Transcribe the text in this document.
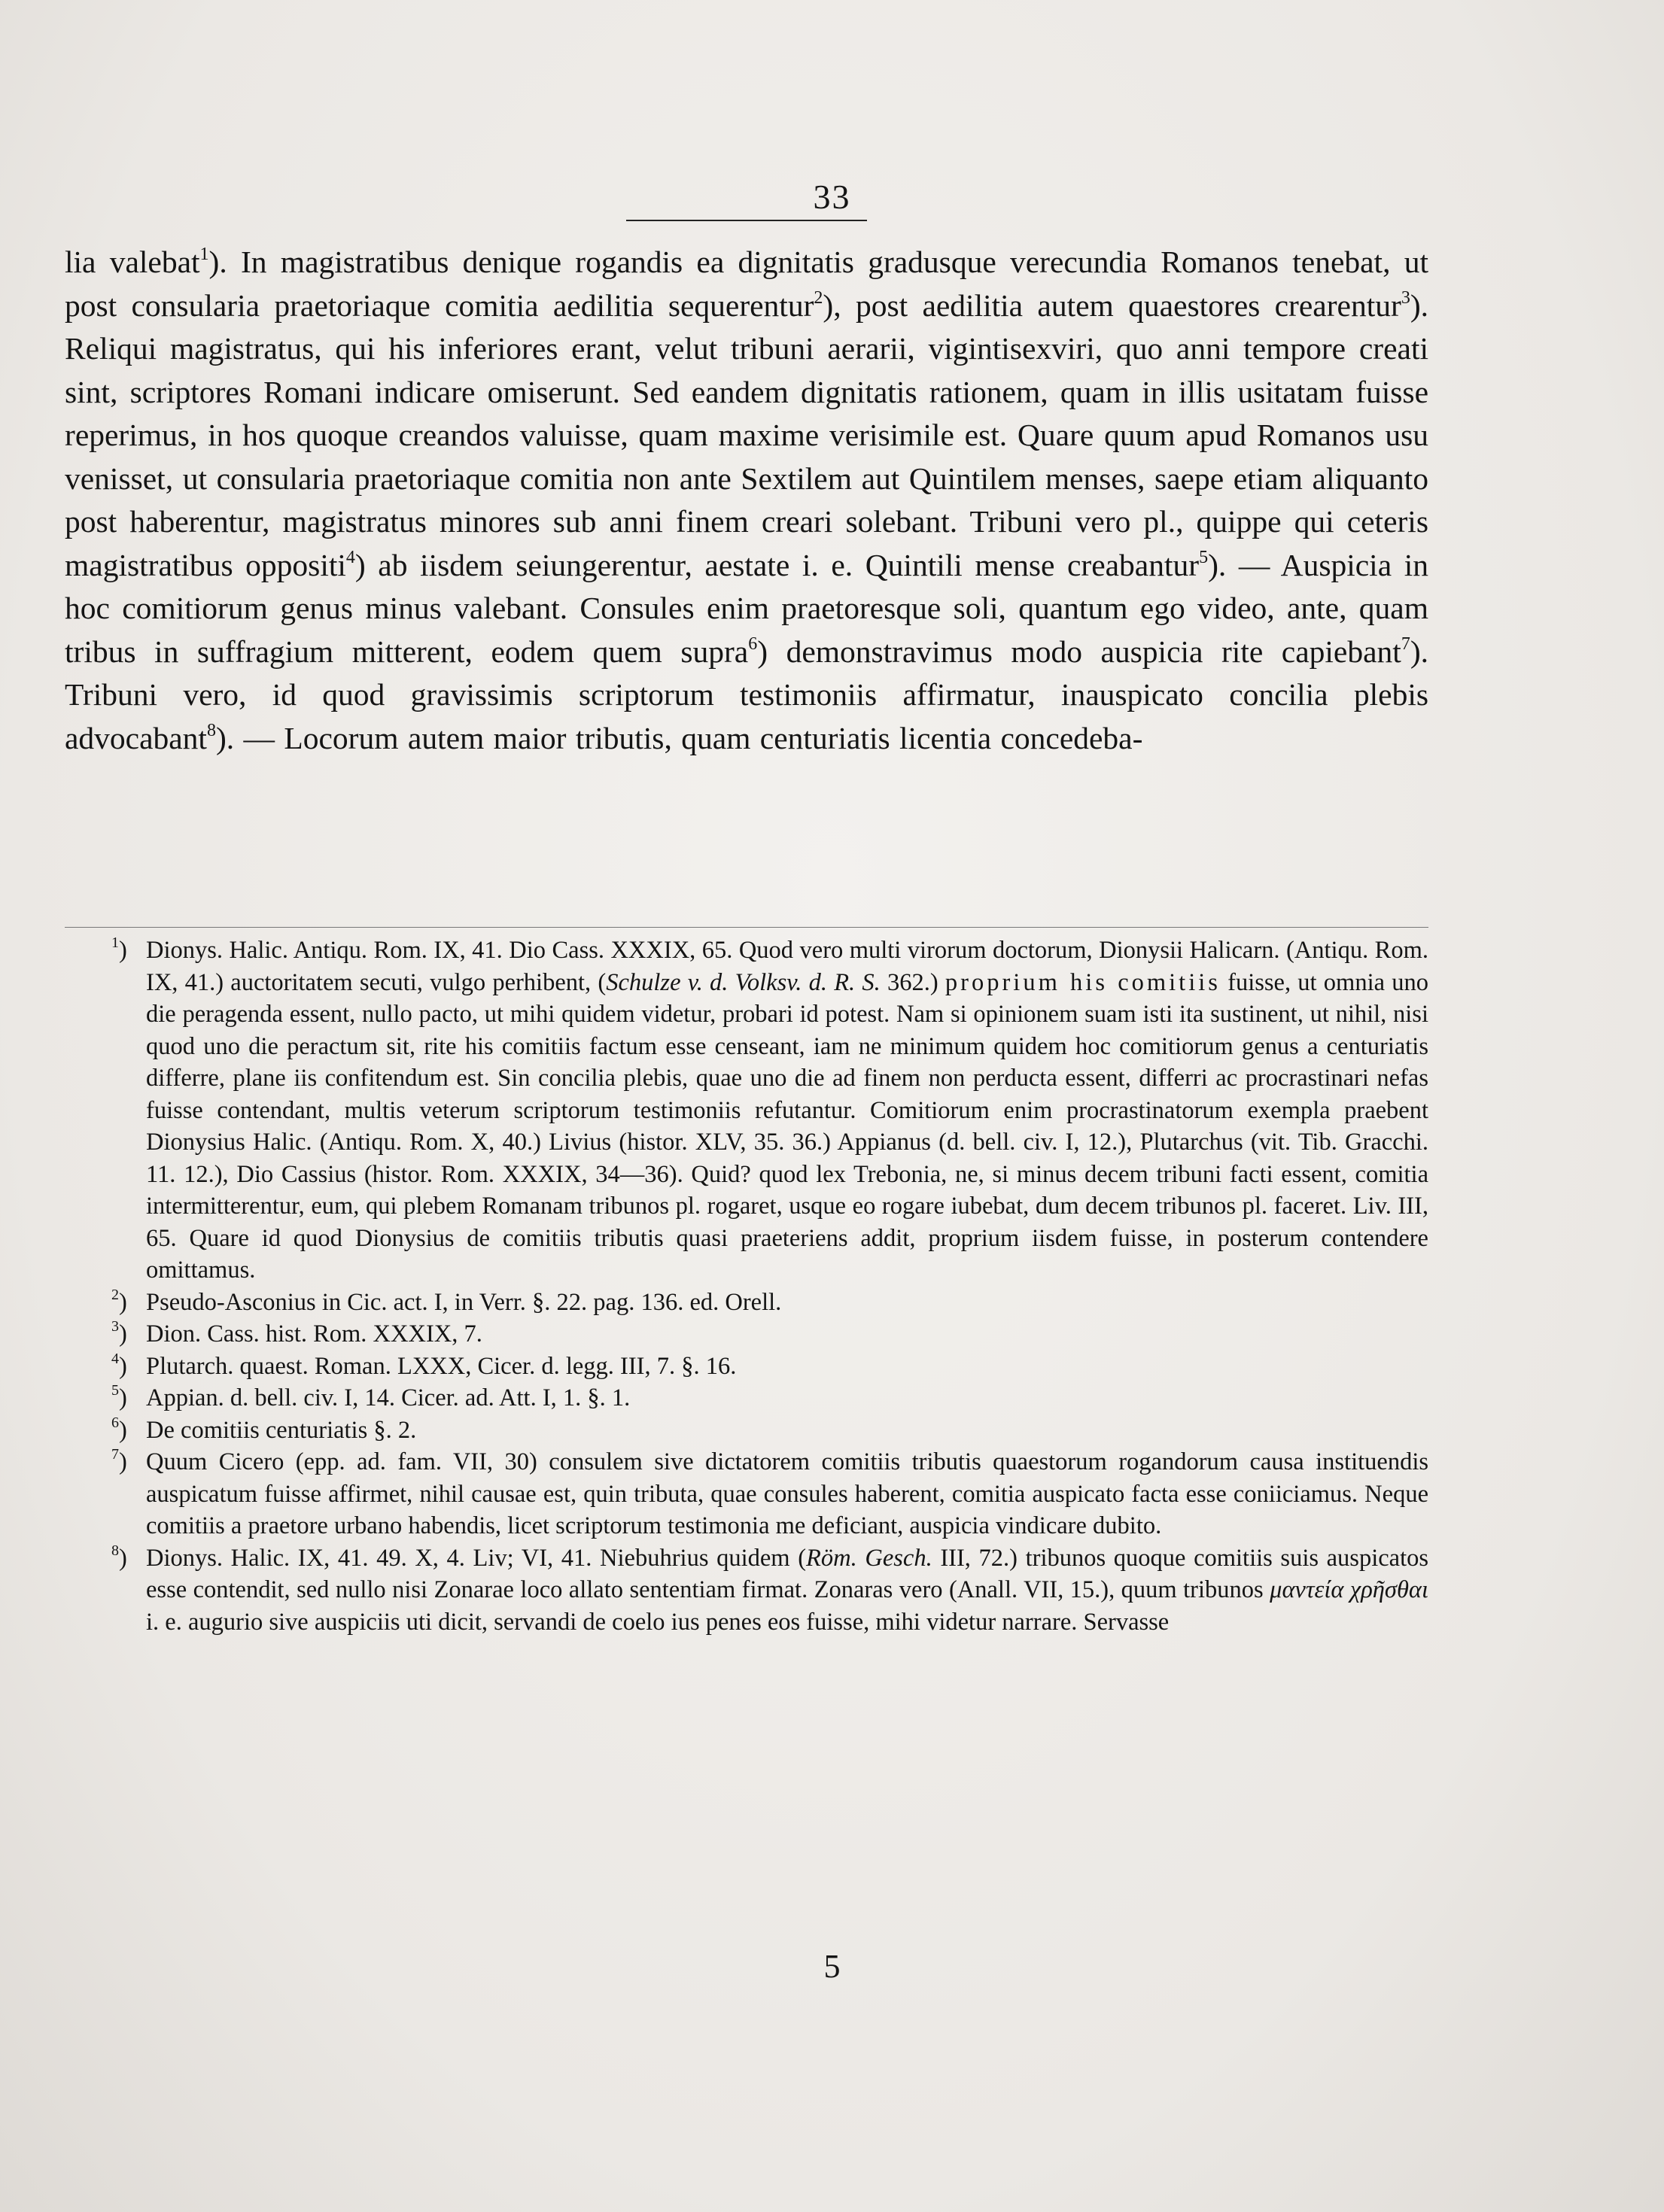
33

lia valebat$^1$). In magistratibus denique rogandis ea dignitatis gradusque verecundia Romanos tenebat, ut post consularia praetoriaque comitia aedilitia sequerentur$^2$), post aedilitia autem quaestores crearentur$^3$). Reliqui magistratus, qui his inferiores erant, velut tribuni aerarii, vigintisexviri, quo anni tempore creati sint, scriptores Romani indicare omiserunt. Sed eandem dignitatis rationem, quam in illis usitatam fuisse reperimus, in hos quoque creandos valuisse, quam maxime verisimile est. Quare quum apud Romanos usu venisset, ut consularia praetoriaque comitia non ante Sextilem aut Quintilem menses, saepe etiam aliquanto post haberentur, magistratus minores sub anni finem creari solebant. Tribuni vero pl., quippe qui ceteris magistratibus oppositi$^4$) ab iisdem seiungerentur, aestate i. e. Quintili mense creabantur$^5$). — Auspicia in hoc comitiorum genus minus valebant. Consules enim praetoresque soli, quantum ego video, ante, quam tribus in suffragium mitterent, eodem quem supra$^6$) demonstravimus modo auspicia rite capiebant$^7$). Tribuni vero, id quod gravissimis scriptorum testimoniis affirmatur, inauspicato concilia plebis advocabant$^8$). — Locorum autem maior tributis, quam centuriatis licentia concedeba-

$^1$) Dionys. Halic. Antiqu. Rom. IX, 41. Dio Cass. XXXIX, 65. Quod vero multi virorum doctorum, Dionysii Halicarn. (Antiqu. Rom. IX, 41.) auctoritatem secuti, vulgo perhibent, (Schulze v. d. Volksv. d. R. S. 362.) proprium his comitiis fuisse, ut omnia uno die peragenda essent, nullo pacto, ut mihi quidem videtur, probari id potest. Nam si opinionem suam isti ita sustinent, ut nihil, nisi quod uno die peractum sit, rite his comitiis factum esse censeant, iam ne minimum quidem hoc comitiorum genus a centuriatis differre, plane iis confitendum est. Sin concilia plebis, quae uno die ad finem non perducta essent, differri ac procrastinari nefas fuisse contendant, multis veterum scriptorum testimoniis refutantur. Comitiorum enim procrastinatorum exempla praebent Dionysius Halic. (Antiqu. Rom. X, 40.) Livius (histor. XLV, 35. 36.) Appianus (d. bell. civ. I, 12.), Plutarchus (vit. Tib. Gracchi. 11. 12.), Dio Cassius (histor. Rom. XXXIX, 34—36). Quid? quod lex Trebonia, ne, si minus decem tribuni facti essent, comitia intermitterentur, eum, qui plebem Romanam tribunos pl. rogaret, usque eo rogare iubebat, dum decem tribunos pl. faceret. Liv. III, 65. Quare id quod Dionysius de comitiis tributis quasi praeteriens addit, proprium iisdem fuisse, in posterum contendere omittamus.

$^2$) Pseudo-Asconius in Cic. act. I, in Verr. §. 22. pag. 136. ed. Orell.

$^3$) Dion. Cass. hist. Rom. XXXIX, 7.

$^4$) Plutarch. quaest. Roman. LXXX, Cicer. d. legg. III, 7. §. 16.

$^5$) Appian. d. bell. civ. I, 14. Cicer. ad. Att. I, 1. §. 1.

$^6$) De comitiis centuriatis §. 2.

$^7$) Quum Cicero (epp. ad. fam. VII, 30) consulem sive dictatorem comitiis tributis quaestorum rogandorum causa instituendis auspicatum fuisse affirmet, nihil causae est, quin tributa, quae consules haberent, comitia auspicato facta esse coniiciamus. Neque comitiis a praetore urbano habendis, licet scriptorum testimonia me deficiant, auspicia vindicare dubito.

$^8$) Dionys. Halic. IX, 41. 49. X, 4. Liv; VI, 41. Niebuhrius quidem (Röm. Gesch. III, 72.) tribunos quoque comitiis suis auspicatos esse contendit, sed nullo nisi Zonarae loco allato sententiam firmat. Zonaras vero (Anall. VII, 15.), quum tribunos μαντεία χρῆσθαι i. e. augurio sive auspiciis uti dicit, servandi de coelo ius penes eos fuisse, mihi videtur narrare. Servasse

5
